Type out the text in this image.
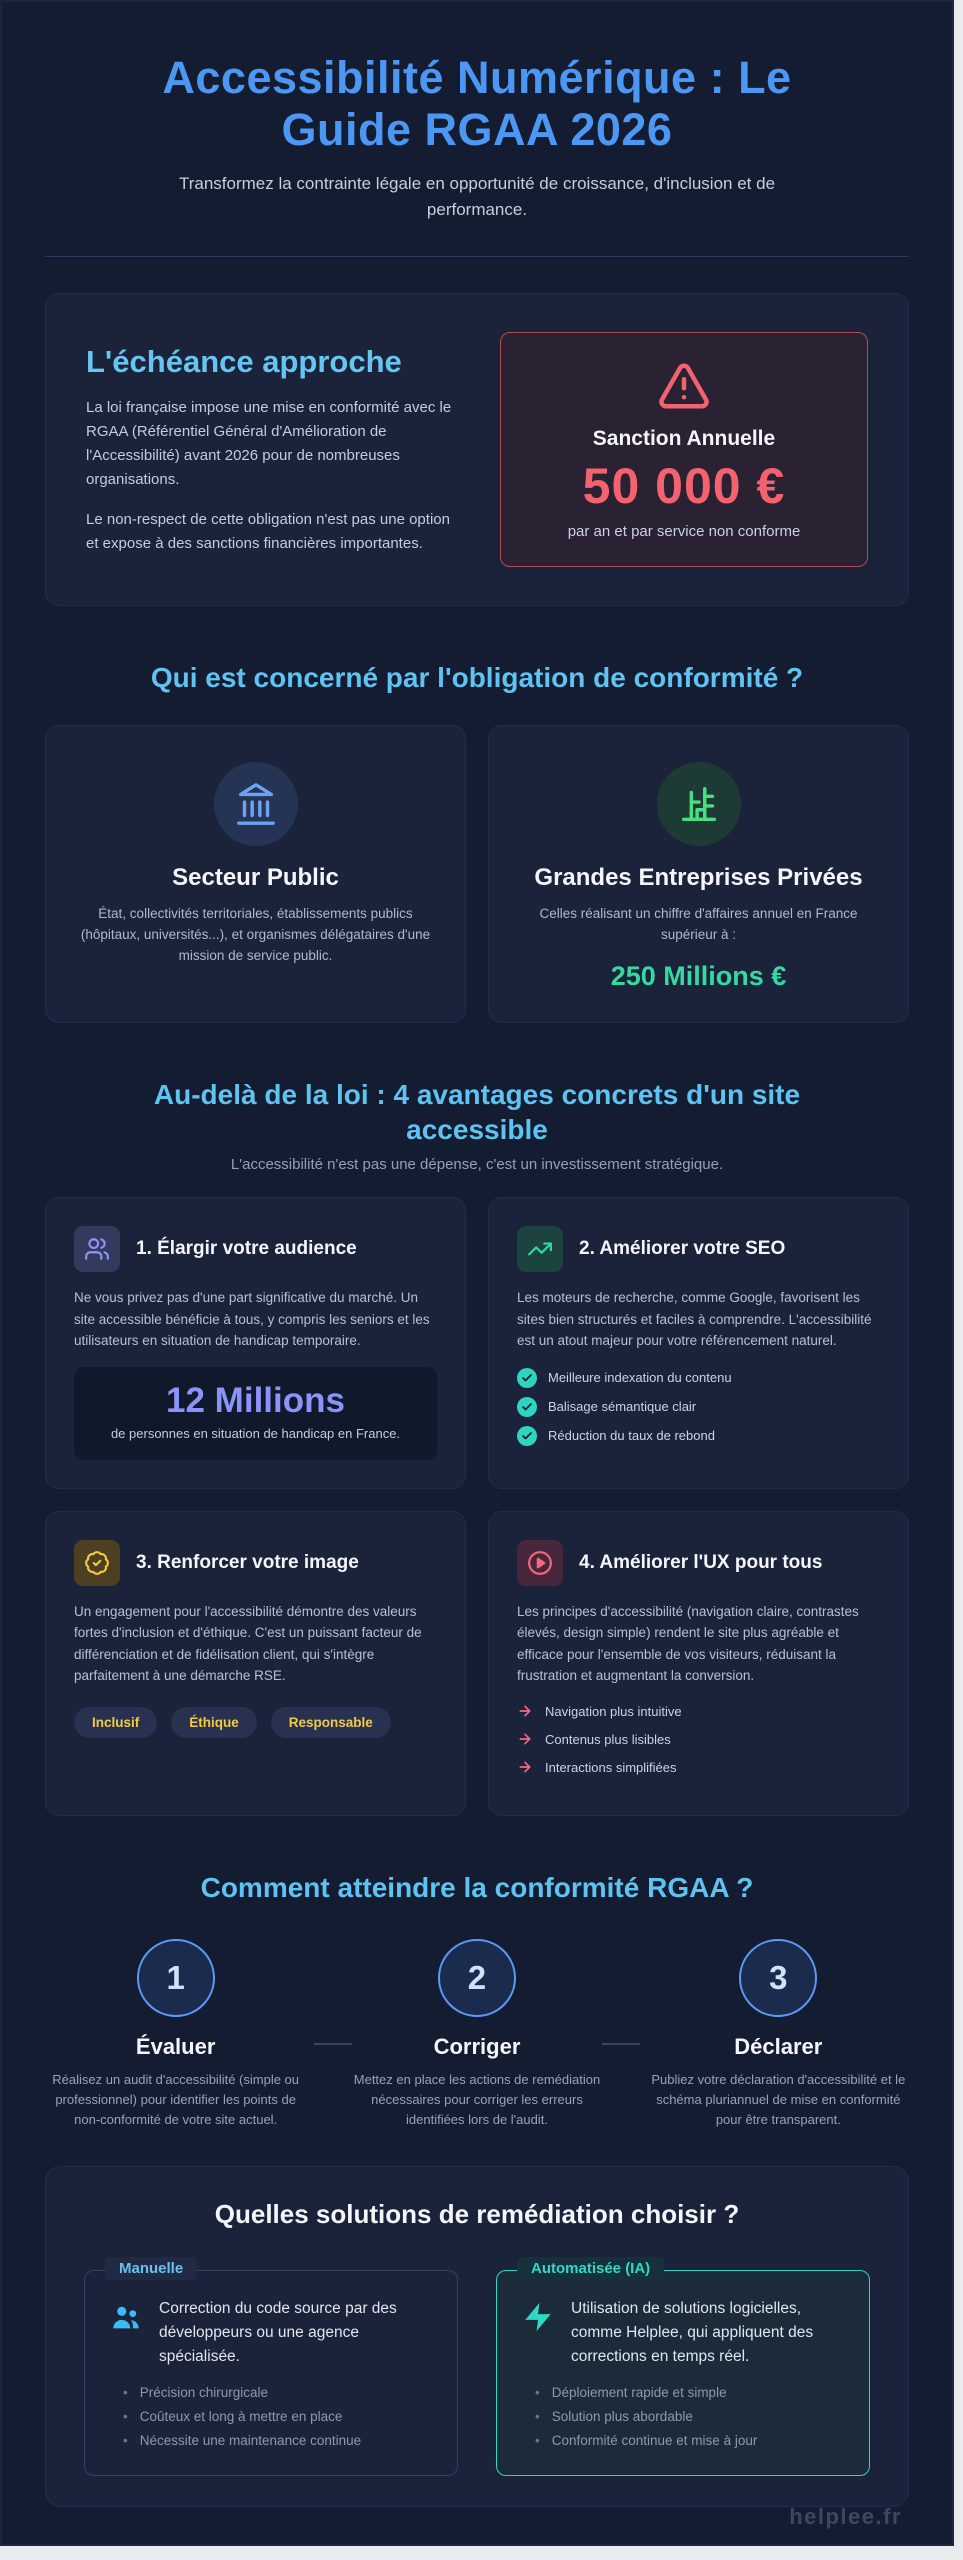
Accessibilité Numérique : Le Guide RGAA 2026

Transformez la contrainte légale en opportunité de croissance, d'inclusion et de performance.

L'échéance approche

La loi française impose une mise en conformité avec le RGAA (Référentiel Général d'Amélioration de l'Accessibilité) avant 2026 pour de nombreuses organisations.

Le non-respect de cette obligation n'est pas une option et expose à des sanctions financières importantes.

Sanction Annuelle
50 000 €
par an et par service non conforme
Qui est concerné par l'obligation de conformité ?
Secteur Public

État, collectivités territoriales, établissements publics (hôpitaux, universités...), et organismes délégataires d'une mission de service public.

Grandes Entreprises Privées

Celles réalisant un chiffre d'affaires annuel en France supérieur à :

250 Millions €
Au-delà de la loi : 4 avantages concrets d'un site accessible

L'accessibilité n'est pas une dépense, c'est un investissement stratégique.

1. Élargir votre audience

Ne vous privez pas d'une part significative du marché. Un site accessible bénéficie à tous, y compris les seniors et les utilisateurs en situation de handicap temporaire.

12 Millions
de personnes en situation de handicap en France.
2. Améliorer votre SEO

Les moteurs de recherche, comme Google, favorisent les sites bien structurés et faciles à comprendre. L'accessibilité est un atout majeur pour votre référencement naturel.

Meilleure indexation du contenu
Balisage sémantique clair
Réduction du taux de rebond
3. Renforcer votre image

Un engagement pour l'accessibilité démontre des valeurs fortes d'inclusion et d'éthique. C'est un puissant facteur de différenciation et de fidélisation client, qui s'intègre parfaitement à une démarche RSE.

Inclusif	Éthique	Responsable
4. Améliorer l'UX pour tous

Les principes d'accessibilité (navigation claire, contrastes élevés, design simple) rendent le site plus agréable et efficace pour l'ensemble de vos visiteurs, réduisant la frustration et augmentant la conversion.

Navigation plus intuitive
Contenus plus lisibles
Interactions simplifiées
Comment atteindre la conformité RGAA ?
1
Évaluer

Réalisez un audit d'accessibilité (simple ou professionnel) pour identifier les points de non-conformité de votre site actuel.

2
Corriger

Mettez en place les actions de remédiation nécessaires pour corriger les erreurs identifiées lors de l'audit.

3
Déclarer

Publiez votre déclaration d'accessibilité et le schéma pluriannuel de mise en conformité pour être transparent.

Quelles solutions de remédiation choisir ?
Manuelle

Correction du code source par des développeurs ou une agence spécialisée.

• Précision chirurgicale
• Coûteux et long à mettre en place
• Nécessite une maintenance continue
Automatisée (IA)

Utilisation de solutions logicielles, comme Helplee, qui appliquent des corrections en temps réel.

• Déploiement rapide et simple
• Solution plus abordable
• Conformité continue et mise à jour
helplee.fr
